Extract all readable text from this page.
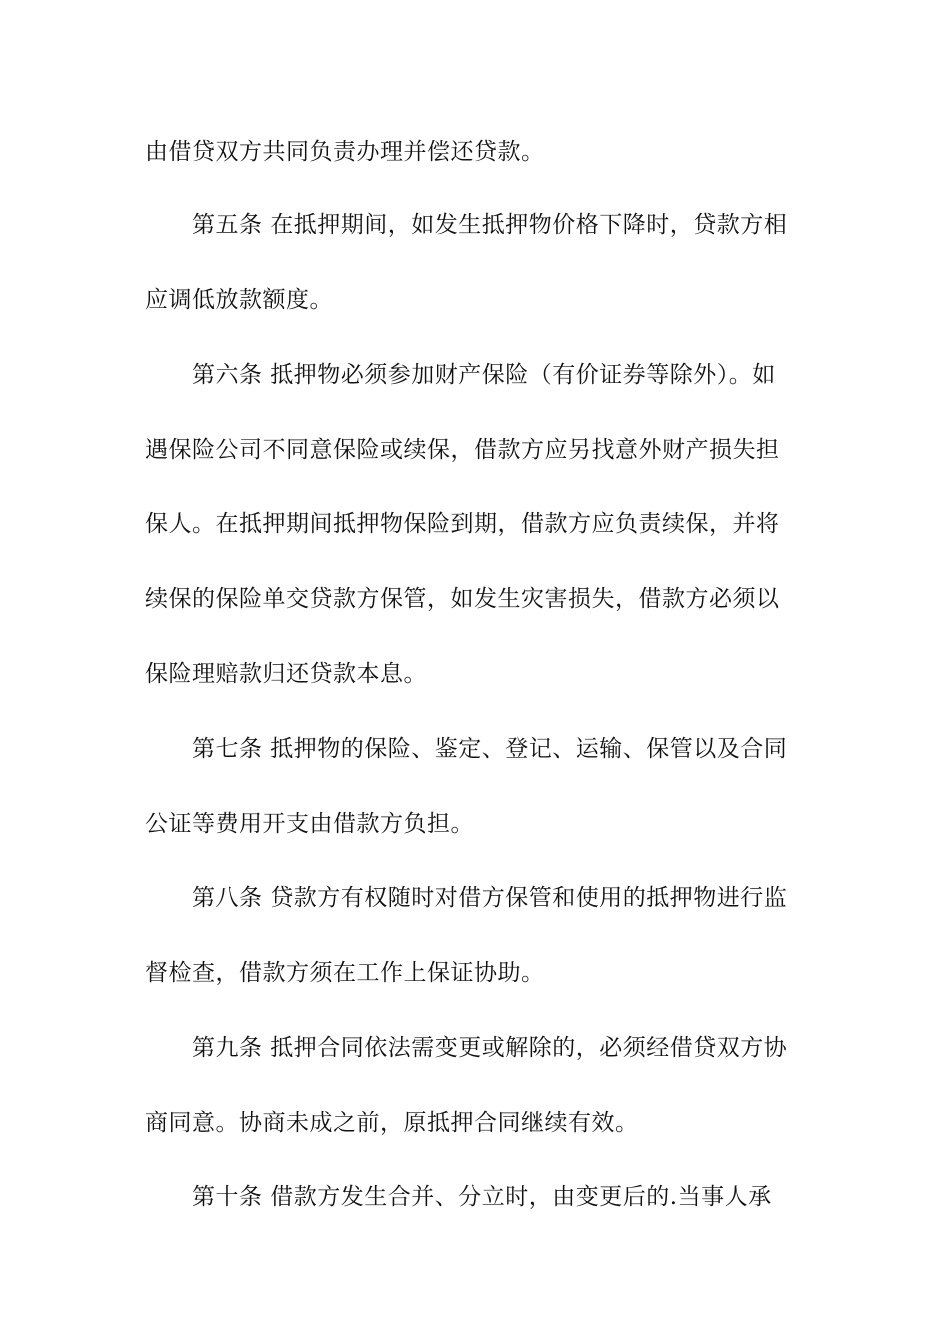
由借贷双方共同负责办理并偿还贷款。
第五条 在抵押期间，如发生抵押物价格下降时，贷款方相
应调低放款额度。
第六条 抵押物必须参加财产保险（有价证券等除外）。如
遇保险公司不同意保险或续保，借款方应另找意外财产损失担
保人。在抵押期间抵押物保险到期，借款方应负责续保，并将
续保的保险单交贷款方保管，如发生灾害损失，借款方必须以
保险理赔款归还贷款本息。
第七条 抵押物的保险、鉴定、登记、运输、保管以及合同
公证等费用开支由借款方负担。
第八条 贷款方有权随时对借方保管和使用的抵押物进行监
督检查，借款方须在工作上保证协助。
第九条 抵押合同依法需变更或解除的，必须经借贷双方协
商同意。协商未成之前，原抵押合同继续有效。
第十条 借款方发生合并、分立时，由变更后的.当事人承
